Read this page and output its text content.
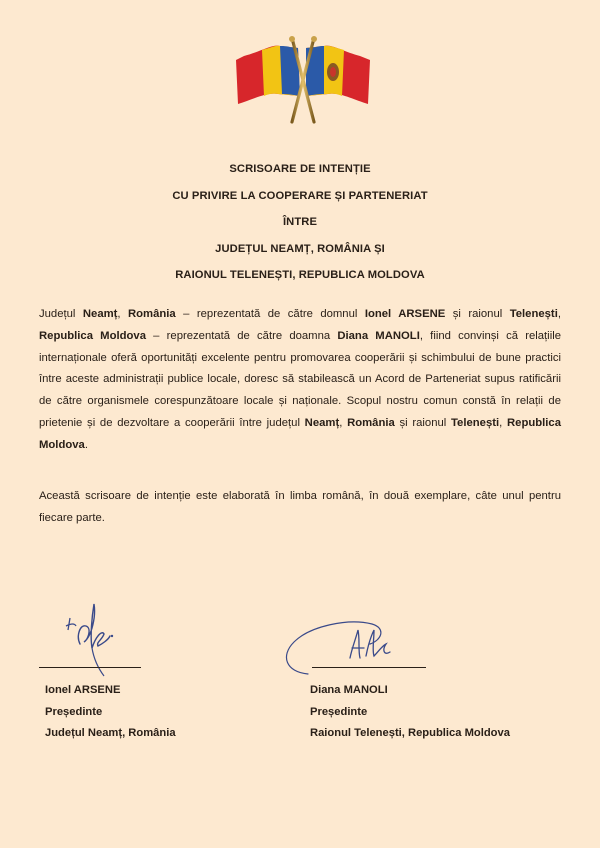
SCRISOARE DE INTENȚIE
CU PRIVIRE LA COOPERARE ȘI PARTENERIAT
ÎNTRE
JUDEȚUL NEAMȚ, ROMÂNIA ȘI
RAIONUL TELENEȘTI, REPUBLICA MOLDOVA
Județul Neamț, România – reprezentată de către domnul Ionel ARSENE și raionul Telenești, Republica Moldova – reprezentată de către doamna Diana MANOLI, fiind convinși că relațiile internaționale oferă oportunități excelente pentru promovarea cooperării și schimbului de bune practici între aceste administrații publice locale, doresc să stabilească un Acord de Parteneriat supus ratificării de către organismele corespunzătoare locale și naționale. Scopul nostru comun constă în relații de prietenie și de dezvoltare a cooperării între județul Neamț, România și raionul Telenești, Republica Moldova.
Această scrisoare de intenție este elaborată în limba română, în două exemplare, câte unul pentru fiecare parte.
Ionel ARSENE
Președinte
Județul Neamț, România
Diana MANOLI
Președinte
Raionul Telenești, Republica Moldova
